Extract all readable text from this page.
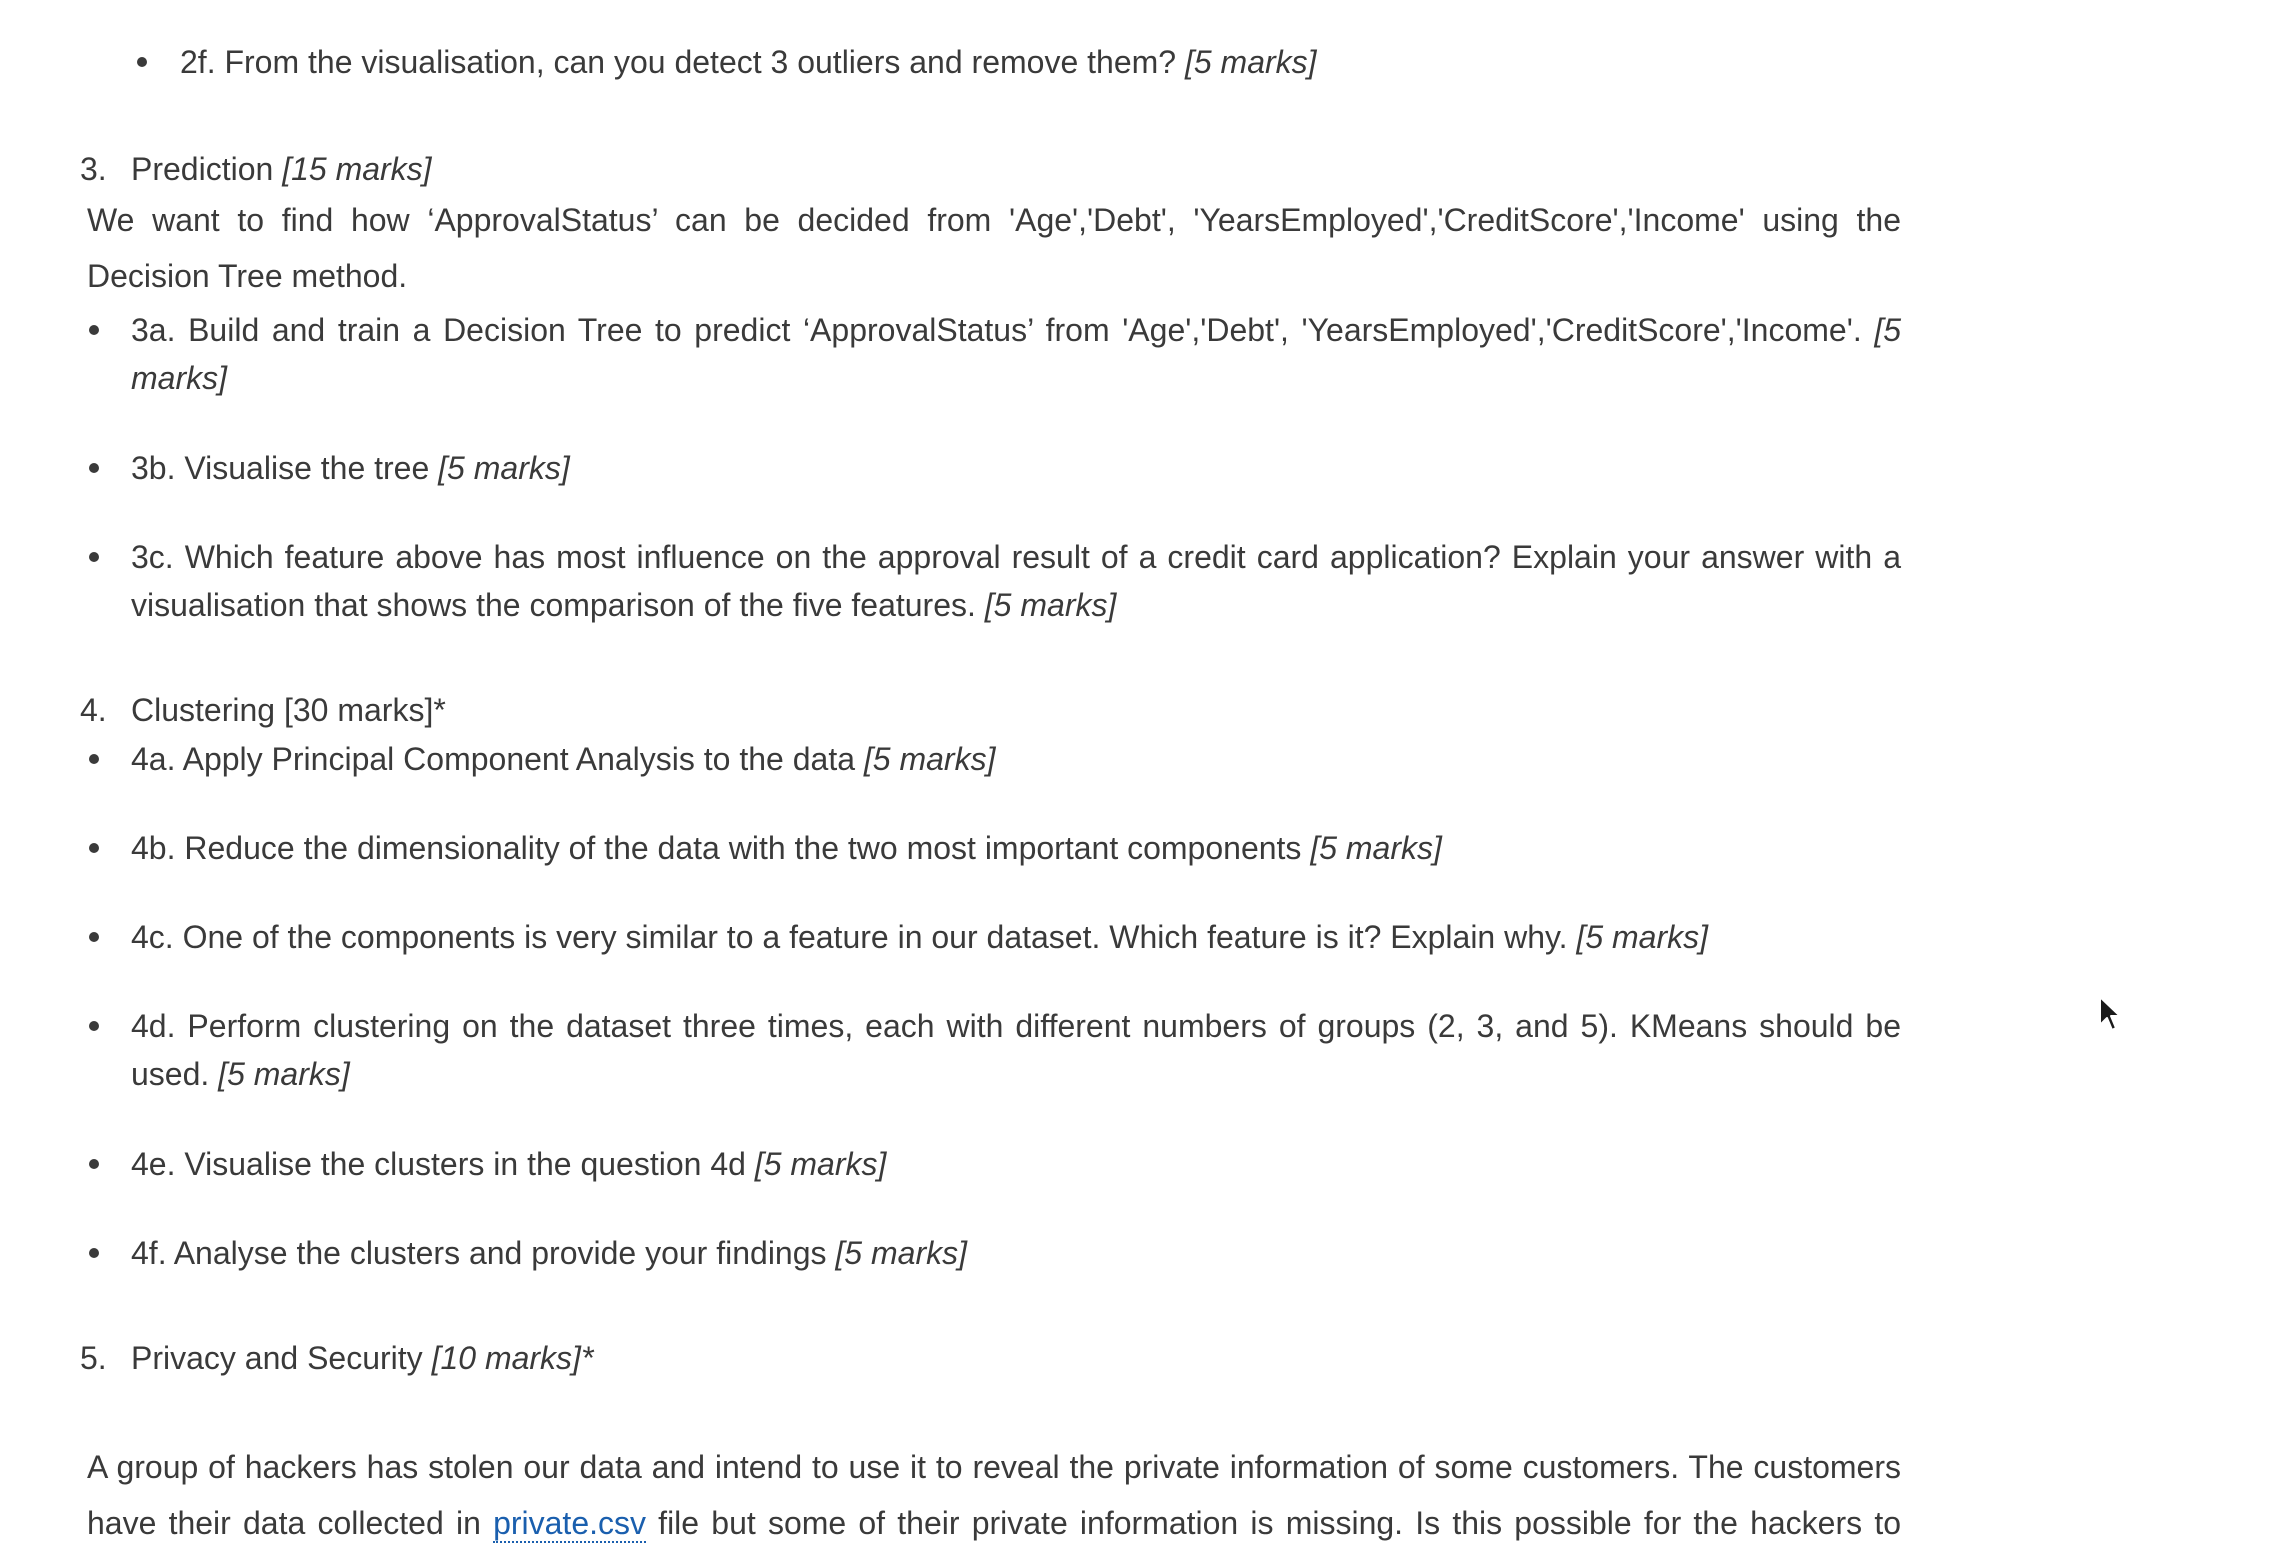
2f. From the visualisation, can you detect 3 outliers and remove them? [5 marks]
3. Prediction [15 marks]
We want to find how ‘ApprovalStatus’ can be decided from 'Age','Debt', 'YearsEmployed','CreditScore','Income' using the
Decision Tree method.
3a. Build and train a Decision Tree to predict ‘ApprovalStatus’ from 'Age','Debt', 'YearsEmployed','CreditScore','Income'. [5
marks]
3b. Visualise the tree [5 marks]
3c. Which feature above has most influence on the approval result of a credit card application? Explain your answer with a
visualisation that shows the comparison of the five features. [5 marks]
4. Clustering [30 marks]*
4a. Apply Principal Component Analysis to the data [5 marks]
4b. Reduce the dimensionality of the data with the two most important components [5 marks]
4c. One of the components is very similar to a feature in our dataset. Which feature is it? Explain why. [5 marks]
4d. Perform clustering on the dataset three times, each with different numbers of groups (2, 3, and 5). KMeans should be
used. [5 marks]
4e. Visualise the clusters in the question 4d [5 marks]
4f. Analyse the clusters and provide your findings [5 marks]
5. Privacy and Security [10 marks]*
A group of hackers has stolen our data and intend to use it to reveal the private information of some customers. The customers
have their data collected in private.csv file but some of their private information is missing. Is this possible for the hackers to
